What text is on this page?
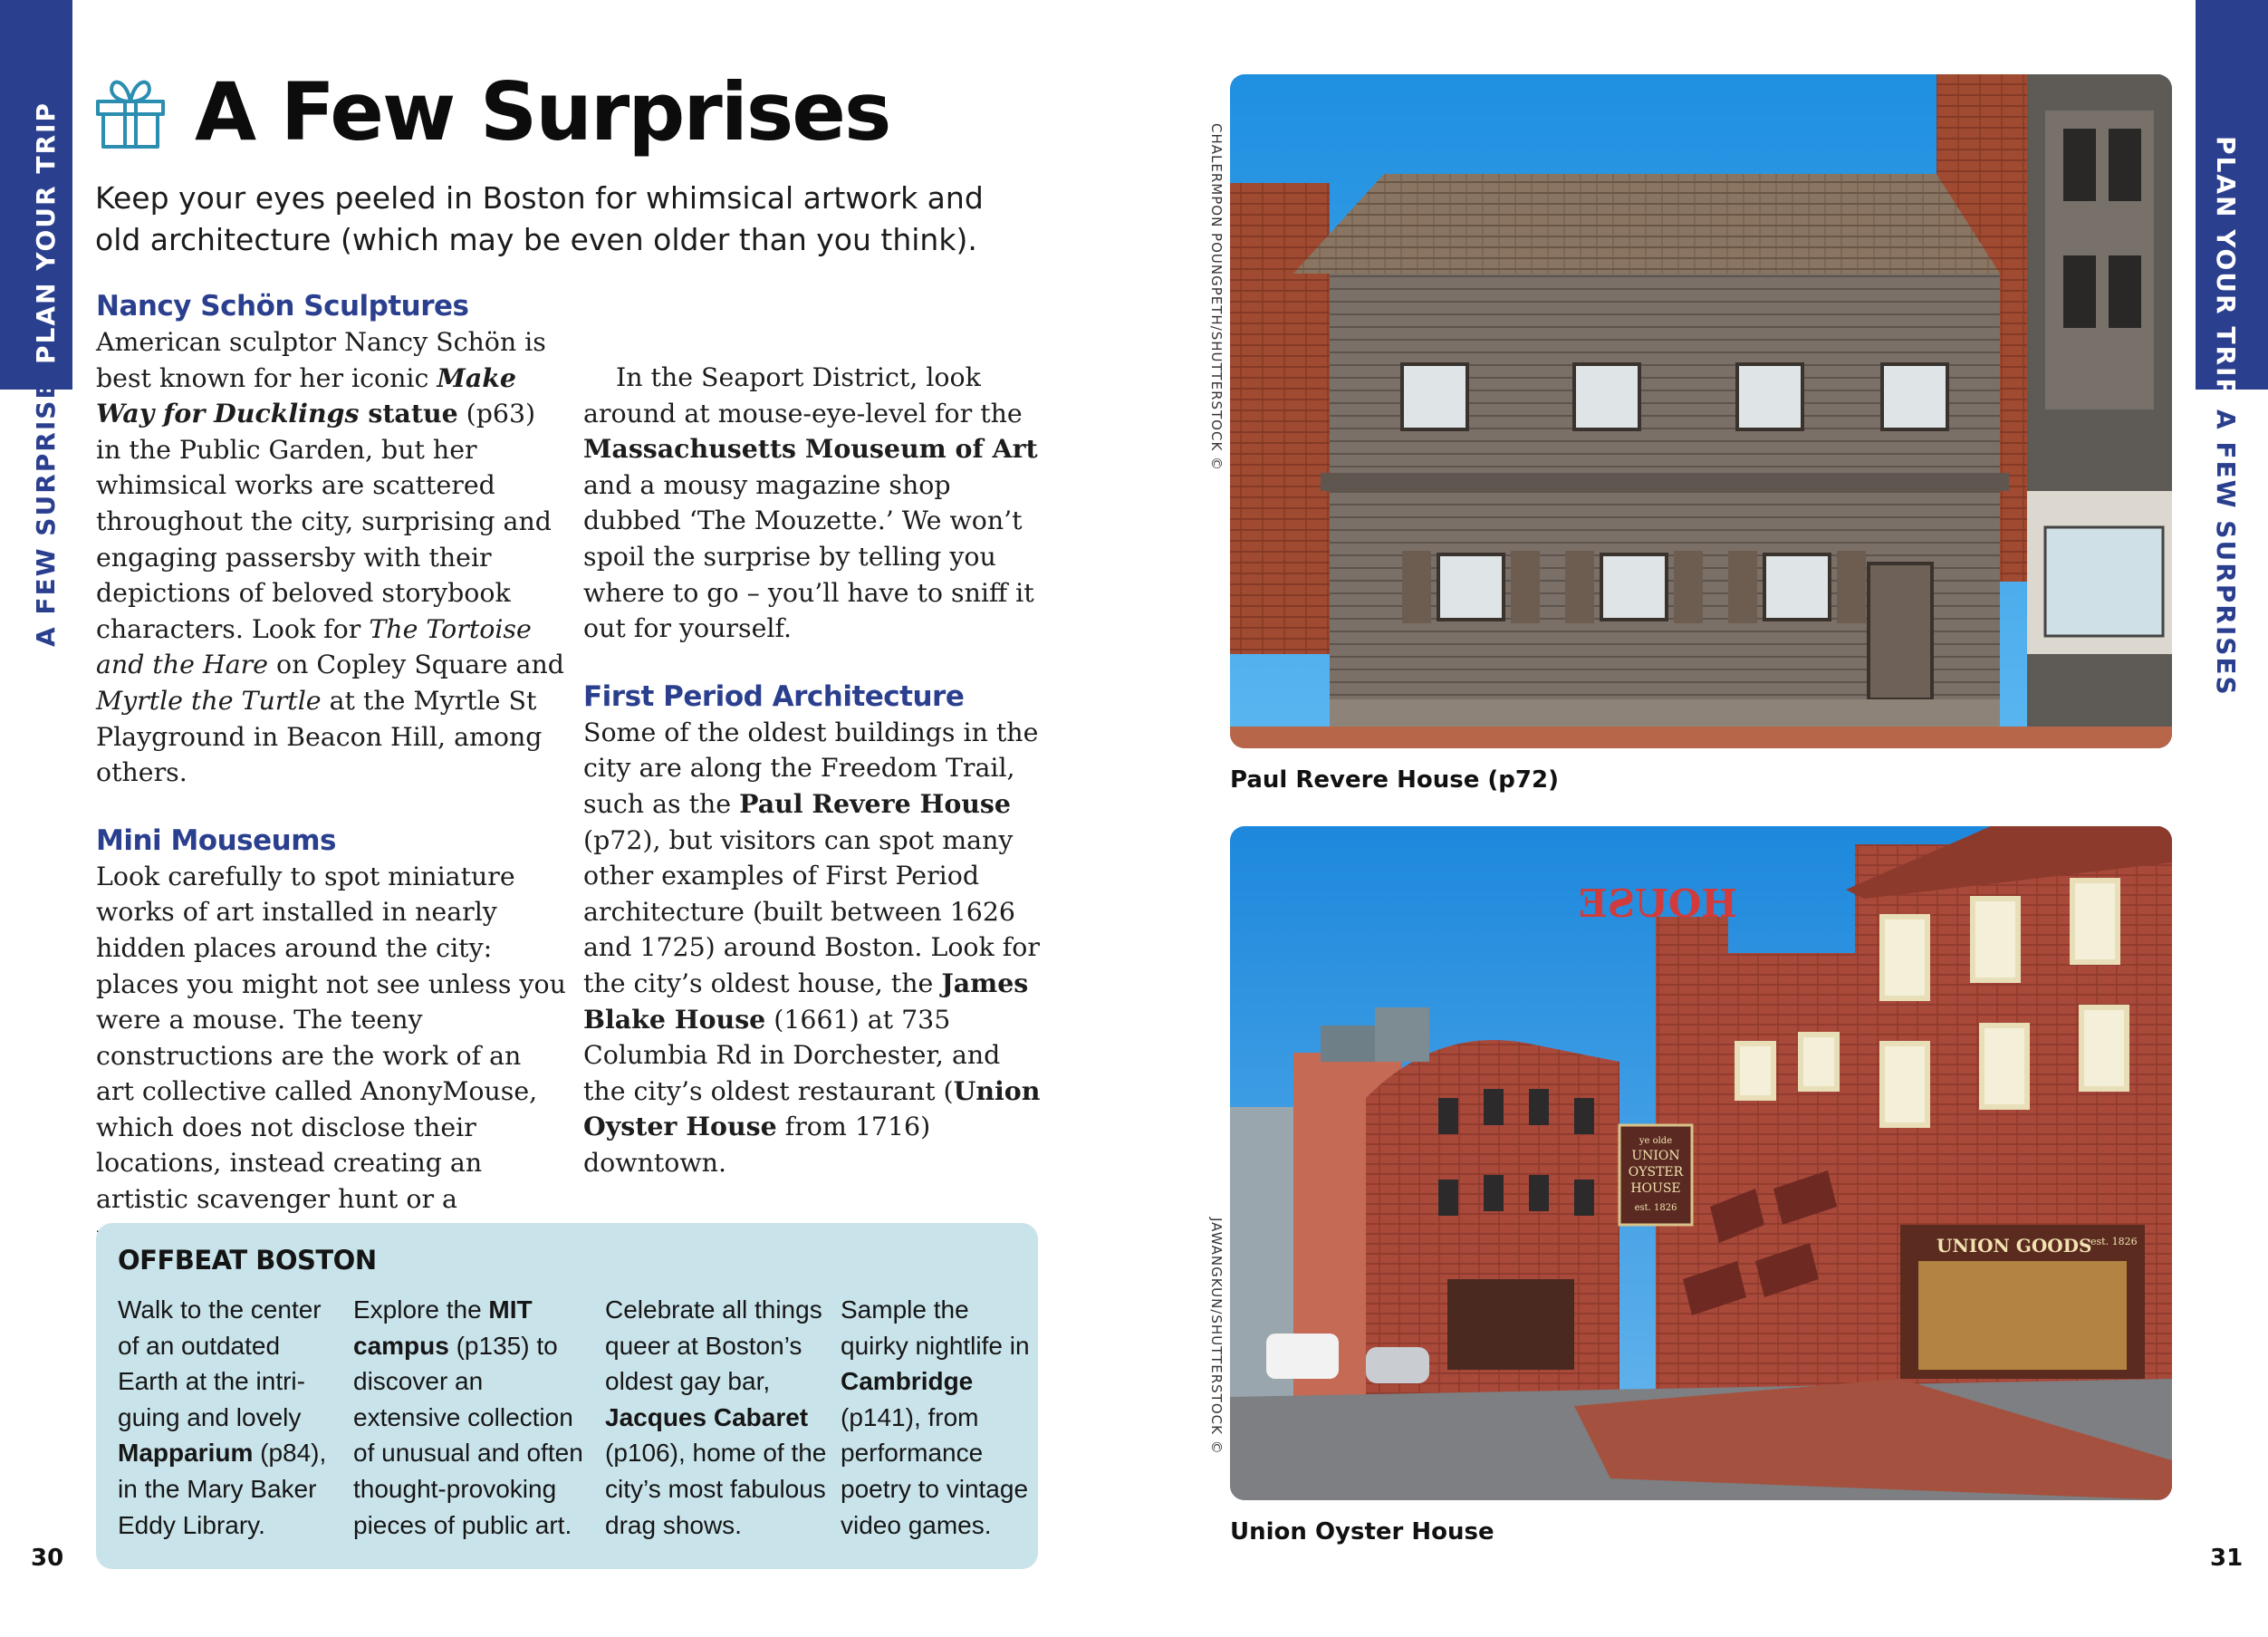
PLAN YOUR TRIP
A FEW SURPRISES
PLAN YOUR TRIP
A FEW SURPRISES
A Few Surprises
Keep your eyes peeled in Boston for whimsical artwork and old architecture (which may be even older than you think).
Nancy Schön Sculptures

American sculptor Nancy Schön is best known for her iconic Make Way for Ducklings statue (p63) in the Public Garden, but her whimsical works are scattered throughout the city, surprising and engaging passersby with their depictions of beloved storybook characters. Look for The Tortoise and the Hare on Copley Square and Myrtle the Turtle at the Myrtle St Playground in Beacon Hill, among others.

Mini Mouseums

Look carefully to spot miniature works of art installed in nearly hidden places around the city: places you might not see unless you were a mouse. The teeny constructions are the work of an art collective called AnonyMouse, which does not disclose their locations, instead creating an artistic scavenger hunt or a

In the Seaport District, look around at mouse-eye-level for the Massachusetts Mouseum of Art and a mousy magazine shop dubbed ‘The Mouzette.’ We won’t spoil the surprise by telling you where to go – you’ll have to sniff it out for yourself.

First Period Architecture

Some of the oldest buildings in the city are along the Freedom Trail, such as the Paul Revere House (p72), but visitors can spot many other examples of First Period architecture (built between 1626 and 1725) around Boston. Look for the city’s oldest house, the James Blake House (1661) at 735 Columbia Rd in Dorchester, and the city’s oldest restaurant (Union Oyster House from 1716) downtown.

OFFBEAT BOSTON
Walk to the center of an outdated Earth at the intri-guing and lovely Mapparium (p84), in the Mary Baker Eddy Library.
Explore the MIT campus (p135) to discover an extensive collection of unusual and often thought-provoking pieces of public art.
Celebrate all things queer at Boston’s oldest gay bar, Jacques Cabaret (p106), home of the city’s most fabulous drag shows.
Sample the quirky nightlife in Cambridge (p141), from performance poetry to vintage video games.
30	31
CHALERMPON POUNGPETH/SHUTTERSTOCK ©
Paul Revere House (p72)
JAWANGKUN/SHUTTERSTOCK ©
HOUSE
ye olde
UNION
OYSTER
HOUSE
est. 1826
UNION GOODS
est. 1826
Union Oyster House
